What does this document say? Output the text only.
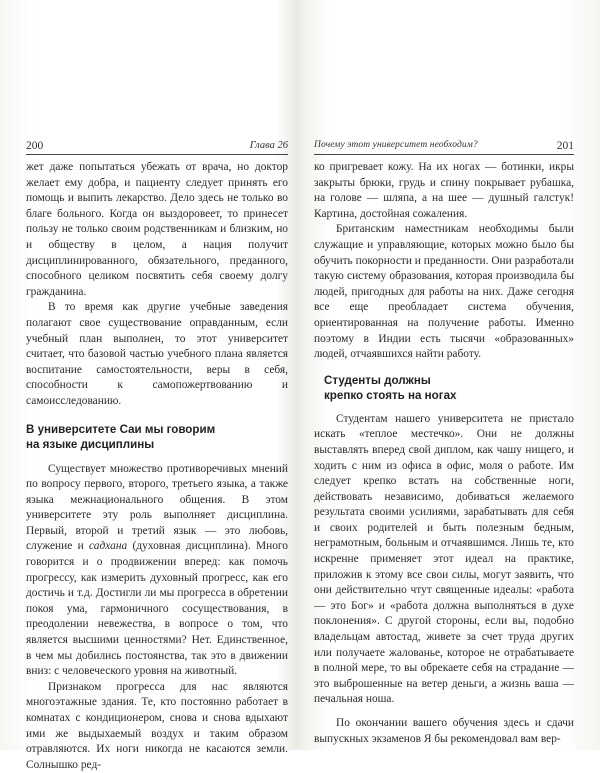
200	Глава 26

жет даже попытаться убежать от врача, но доктор желает ему добра, и пациенту следует принять его помощь и выпить лекарство. Дело здесь не только во благе больного. Когда он выздоровеет, то принесет пользу не только своим родственникам и близким, но и обществу в целом, а нация получит дисциплинированного, обязательного, преданного, способного целиком посвятить себя своему долгу гражданина.

В то время как другие учебные заведения полагают свое существование оправданным, если учебный план выполнен, то этот университет считает, что базовой частью учебного плана является воспитание самостоятельности, веры в себя, способности к самопожертвованию и самоисследованию.

В университете Саи мы говорим
на языке дисциплины

Существует множество противоречивых мнений по вопросу первого, второго, третьего языка, а также языка межнационального общения. В этом университете эту роль выполняет дисциплина. Первый, второй и третий язык — это любовь, служение и садхана (духовная дисциплина). Много говорится и о продвижении вперед: как помочь прогрессу, как измерить духовный прогресс, как его достичь и т.д. Достигли ли мы прогресса в обретении покоя ума, гармоничного сосуществования, в преодолении невежества, в вопросе о том, что является высшими ценностями? Нет. Единственное, в чем мы добились постоянства, так это в движении вниз: с человеческого уровня на животный.

Признаком прогресса для нас являются многоэтажные здания. Те, кто постоянно работает в комнатах с кондиционером, снова и снова вдыхают ими же выдыхаемый воздух и таким образом отравляются. Их ноги никогда не касаются земли. Солнышко ред-

Почему этот университет необходим?	201

ко пригревает кожу. На их ногах — ботинки, икры закрыты брюки, грудь и спину покрывает рубашка, на голове — шляпа, а на шее — душный галстук! Картина, достойная сожаления.

Британским наместникам необходимы были служащие и управляющие, которых можно было бы обучить покорности и преданности. Они разработали такую систему образования, которая производила бы людей, пригодных для работы на них. Даже сегодня все еще преобладает система обучения, ориентированная на получение работы. Именно поэтому в Индии есть тысячи «образованных» людей, отчаявшихся найти работу.

Студенты должны
крепко стоять на ногах

Студентам нашего университета не пристало искать «теплое местечко». Они не должны выставлять вперед свой диплом, как чашу нищего, и ходить с ним из офиса в офис, моля о работе. Им следует крепко встать на собственные ноги, действовать независимо, добиваться желаемого результата своими усилиями, зарабатывать для себя и своих родителей и быть полезным бедным, неграмотным, больным и отчаявшимся. Лишь те, кто искренне применяет этот идеал на практике, приложив к этому все свои силы, могут заявить, что они действительно чтут священные идеалы: «работа — это Бог» и «работа должна выполняться в духе поклонения». С другой стороны, если вы, подобно владельцам автостад, живете за счет труда других или получаете жалованье, которое не отрабатываете в полной мере, то вы обрекаете себя на страдание — это выброшенные на ветер деньги, а жизнь ваша — печальная ноша.

По окончании вашего обучения здесь и сдачи выпускных экзаменов Я бы рекомендовал вам вер-
